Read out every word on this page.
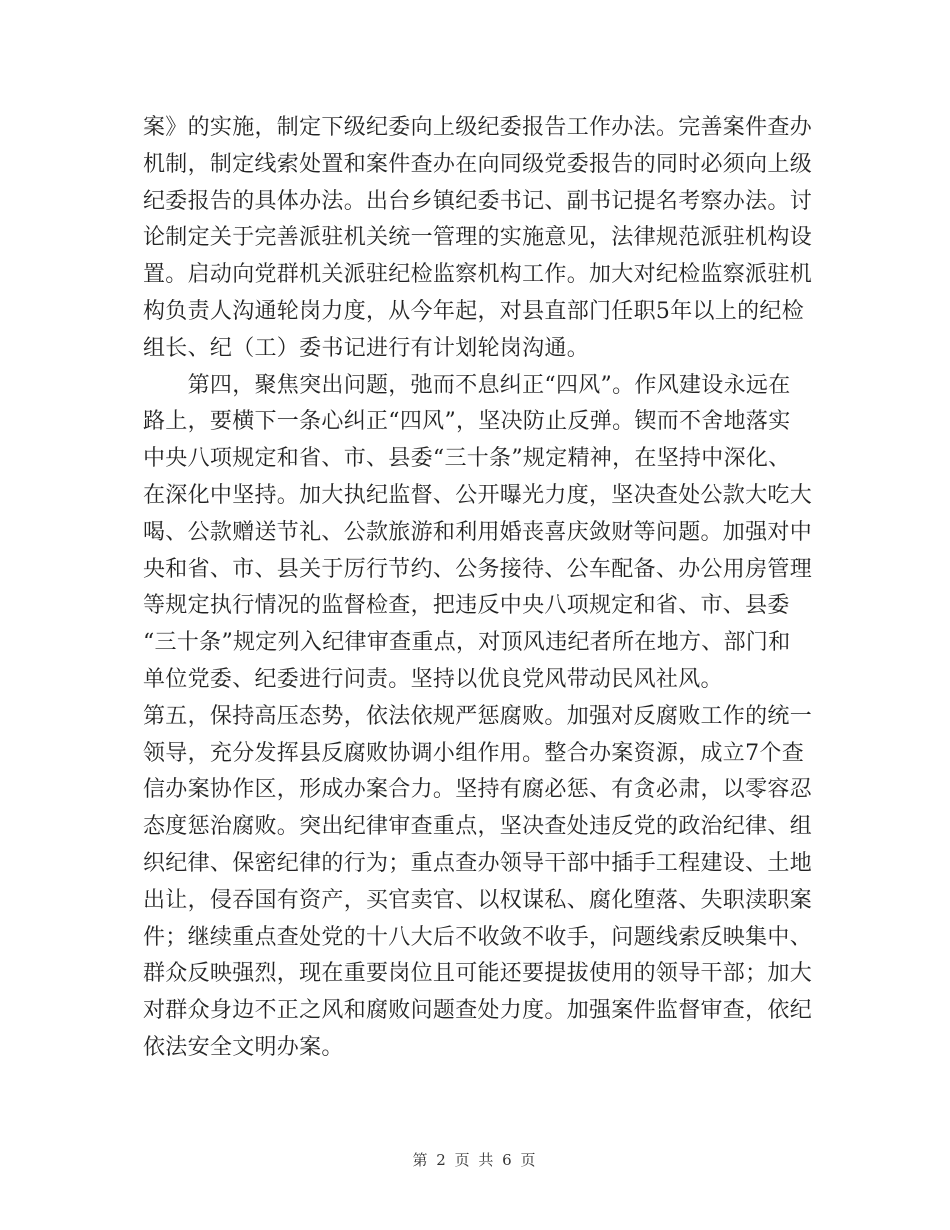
案》的实施，制定下级纪委向上级纪委报告工作办法。完善案件查办
机制，制定线索处置和案件查办在向同级党委报告的同时必须向上级
纪委报告的具体办法。出台乡镇纪委书记、副书记提名考察办法。讨
论制定关于完善派驻机关统一管理的实施意见，法律规范派驻机构设
置。启动向党群机关派驻纪检监察机构工作。加大对纪检监察派驻机
构负责人沟通轮岗力度，从今年起，对县直部门任职5年以上的纪检
组长、纪（工）委书记进行有计划轮岗沟通。
　　第四，聚焦突出问题，弛而不息纠正“四风”。作风建设永远在
路上，要横下一条心纠正“四风”，坚决防止反弹。锲而不舍地落实
中央八项规定和省、市、县委“三十条”规定精神，在坚持中深化、
在深化中坚持。加大执纪监督、公开曝光力度，坚决查处公款大吃大
喝、公款赠送节礼、公款旅游和利用婚丧喜庆敛财等问题。加强对中
央和省、市、县关于厉行节约、公务接待、公车配备、办公用房管理
等规定执行情况的监督检查，把违反中央八项规定和省、市、县委
“三十条”规定列入纪律审查重点，对顶风违纪者所在地方、部门和
单位党委、纪委进行问责。坚持以优良党风带动民风社风。
第五，保持高压态势，依法依规严惩腐败。加强对反腐败工作的统一
领导，充分发挥县反腐败协调小组作用。整合办案资源，成立7个查
信办案协作区，形成办案合力。坚持有腐必惩、有贪必肃，以零容忍
态度惩治腐败。突出纪律审查重点，坚决查处违反党的政治纪律、组
织纪律、保密纪律的行为；重点查办领导干部中插手工程建设、土地
出让，侵吞国有资产，买官卖官、以权谋私、腐化堕落、失职渎职案
件；继续重点查处党的十八大后不收敛不收手，问题线索反映集中、
群众反映强烈，现在重要岗位且可能还要提拔使用的领导干部；加大
对群众身边不正之风和腐败问题查处力度。加强案件监督审查，依纪
依法安全文明办案。
第 2 页 共 6 页
